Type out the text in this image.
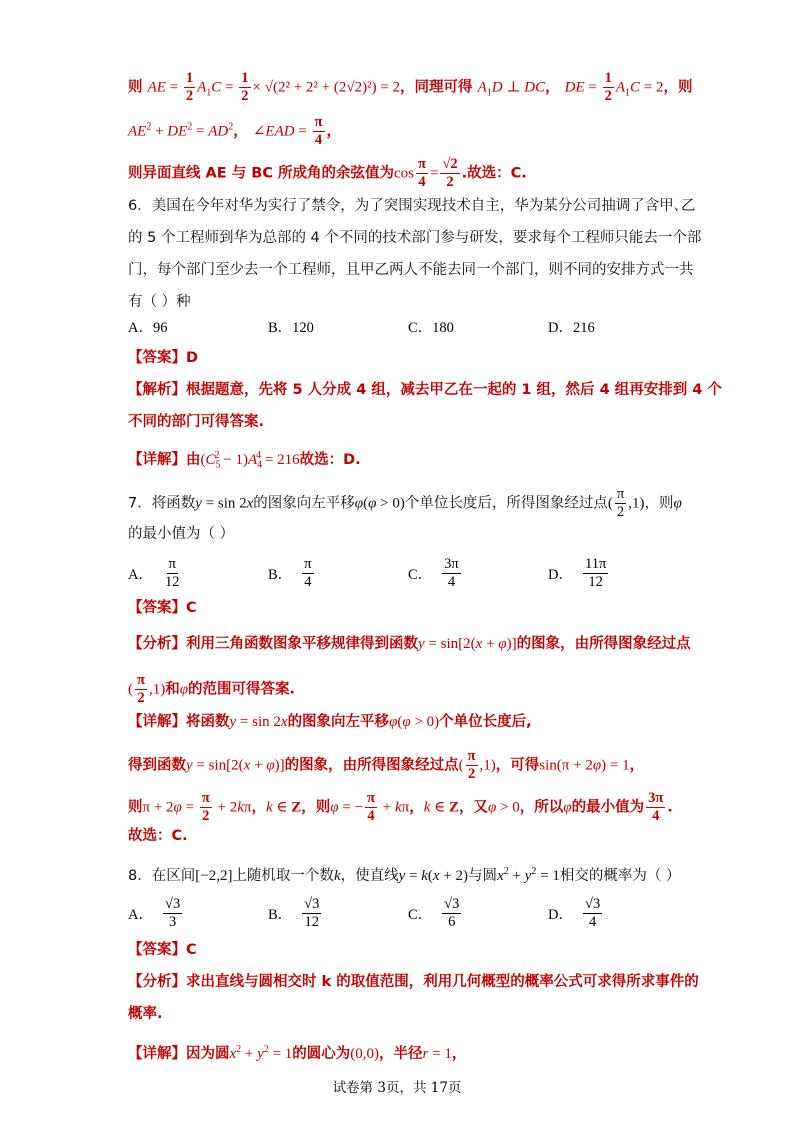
则 AE = $\frac{1}{2} A_1C = \frac{1}{2} \times √(2^2 + 2^2 + (2√2)^2) = 2$，同理可得 $A_1D$ ⊥ DC， DE = $\frac{1}{2} A_1C = 2$，则
$AE^2 + DE^2 = AD^2$， ∠EAD = $\frac{\pi}{4}$ ，
则异面直线 AE 与 BC 所成角的余弦值为$\cos \frac{\pi}{4} = \frac{√2}{2}$ .故选：C.
6．美国在今年对华为实行了禁令，为了突围实现技术自主，华为某分公司抽调了含甲､乙
的 5 个工程师到华为总部的 4 个不同的技术部门参与研发，要求每个工程师只能去一个部
门，每个部门至少去一个工程师，且甲乙两人不能去同一个部门，则不同的安排方式一共
有（ ）种
A．96	B．120	C．180	D．216
【答案】D
【解析】根据题意，先将 5 人分成 4 组，减去甲乙在一起的 1 组，然后 4 组再安排到 4 个
不同的部门可得答案.
【详解】由$(C_5^2 - 1)A_4^4 = 216$故选：D.
7．将函数y = sin 2x的图象向左平移φ(φ > 0)个单位长度后，所得图象经过点( $\frac{\pi}{2} ,1$)，则φ
的最小值为（ ）
A． $\frac{\pi}{12}$	B． $\frac{\pi}{4}$	C． $\frac{3\pi}{4}$	D． $\frac{11\pi}{12}$
【答案】C
【分析】利用三角函数图象平移规律得到函数y = sin[2(x + φ)]的图象，由所得图象经过点
( $\frac{\pi}{2} ,1$)和φ的范围可得答案.
【详解】将函数y = sin 2x的图象向左平移φ(φ > 0)个单位长度后,
得到函数y = sin[2(x + φ)]的图象，由所得图象经过点( $\frac{\pi}{2} ,1$)，可得sin(π + 2φ) = 1，
则$\pi + 2\varphi = \frac{\pi}{2} + 2k\pi$，k ∈ Z，则φ = − $\frac{\pi}{4} + k\pi$，k ∈ Z，又φ > 0，所以φ的最小值为 $\frac{3\pi}{4}$ .
故选：C.
8．在区间[−2,2]上随机取一个数k，使直线y = k(x + 2)与圆$x^2 + y^2 = 1$相交的概率为（ ）
A． $\frac{√3}{3}$	B． $\frac{√3}{12}$	C． $\frac{√3}{6}$	D． $\frac{√3}{4}$
【答案】C
【分析】求出直线与圆相交时 k 的取值范围，利用几何概型的概率公式可求得所求事件的
概率.
【详解】因为圆$x^2 + y^2 = 1$的圆心为(0,0)，半径r = 1，
试卷第 3页，共 17页
